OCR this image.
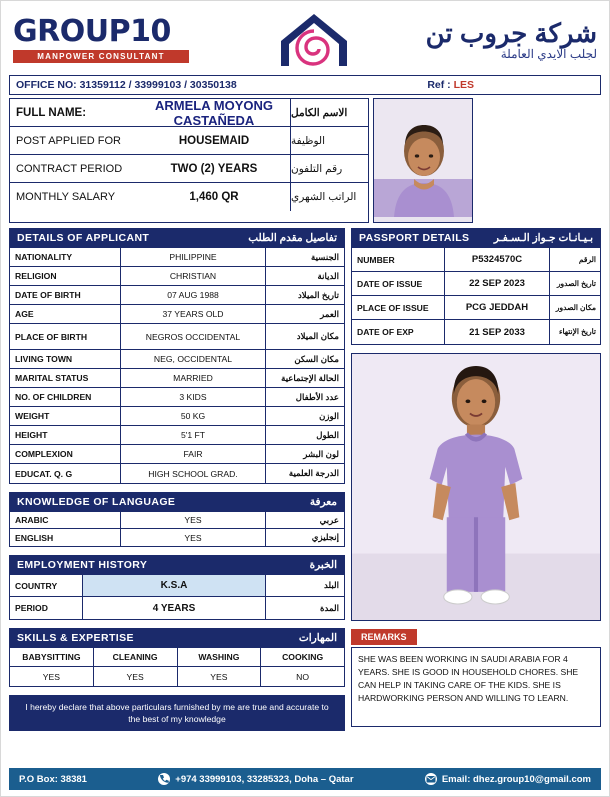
GROUP10
MANPOWER CONSULTANT
شركة جروب تن
لجلب الايدي العاملة
OFFICE NO: 31359112 / 33999103 / 30350138	Ref : LES
FULL NAME:	ARMELA MOYONG CASTAÑEDA	الاسم الكامل
POST APPLIED FOR	HOUSEMAID	الوظيفة
CONTRACT PERIOD	TWO (2) YEARS	رقم التلفون
MONTHLY SALARY	1,460 QR	الراتب الشهري
DETAILS OF APPLICANT	تفاصيل مقدم الطلب
NATIONALITY	PHILIPPINE	الجنسية
RELIGION	CHRISTIAN	الديانة
DATE OF BIRTH	07 AUG 1988	تاريخ الميلاد
AGE	37 YEARS OLD	العمر
PLACE OF BIRTH	NEGROS OCCIDENTAL	مكان الميلاد
LIVING TOWN	NEG, OCCIDENTAL	مكان السكن
MARITAL STATUS	MARRIED	الحالة الإجتماعية
NO. OF CHILDREN	3 KIDS	عدد الأطفال
WEIGHT	50 KG	الوزن
HEIGHT	5'1 FT	الطول
COMPLEXION	FAIR	لون البشر
EDUCAT. Q. G	HIGH SCHOOL GRAD.	الدرجة العلمية
KNOWLEDGE OF LANGUAGE	معرفة
ARABIC	YES	عربي
ENGLISH	YES	إنجليزي
EMPLOYMENT HISTORY	الخبرة
COUNTRY	K.S.A	البلد
PERIOD	4 YEARS	المدة
SKILLS & EXPERTISE	المهارات
BABYSITTING	CLEANING	WASHING	COOKING
YES	YES	YES	NO
I hereby declare that above particulars furnished by me are true and accurate to the best of my knowledge
PASSPORT DETAILS بـيـانـات جـواز الـسـفـر
NUMBER	P5324570C	الرقم
DATE OF ISSUE	22 SEP 2023	تاريخ الصدور
PLACE OF ISSUE	PCG JEDDAH	مكان الصدور
DATE OF EXP	21 SEP 2033	تاريخ الإنتهاء
REMARKS
SHE WAS BEEN WORKING IN SAUDI ARABIA FOR 4 YEARS. SHE IS GOOD IN HOUSEHOLD CHORES. SHE CAN HELP IN TAKING CARE OF THE KIDS. SHE IS HARDWORKING PERSON AND WILLING TO LEARN.
P.O Box: 38381	+974 33999103, 33285323, Doha – Qatar	Email: dhez.group10@gmail.com
